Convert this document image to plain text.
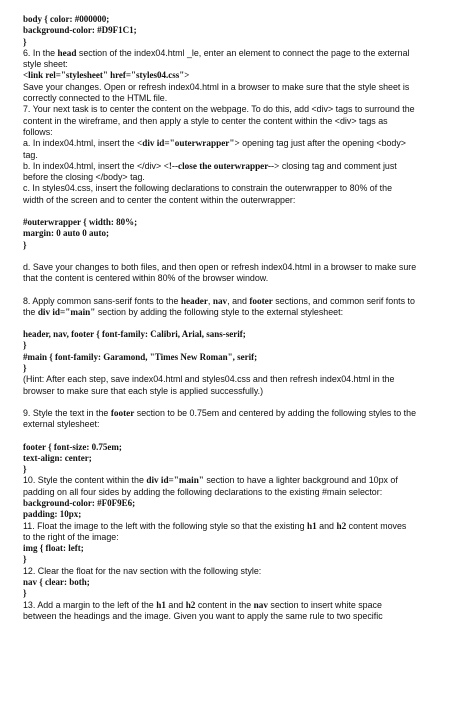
body { color: #000000;
background-color: #D9F1C1;
}
6. In the head section of the index04.html _le, enter an element to connect the page to the external
style sheet:
<link rel="stylesheet" href="styles04.css">
Save your changes. Open or refresh index04.html in a browser to make sure that the style sheet is
correctly connected to the HTML file.
7. Your next task is to center the content on the webpage. To do this, add <div> tags to surround the
content in the wireframe, and then apply a style to center the content within the <div> tags as
follows:
a. In index04.html, insert the <div id="outerwrapper"> opening tag just after the opening <body>
tag.
b. In index04.html, insert the </div> <!--close the outerwrapper--> closing tag and comment just
before the closing </body> tag.
c. In styles04.css, insert the following declarations to constrain the outerwrapper to 80% of the
width of the screen and to center the content within the outerwrapper:
#outerwrapper { width: 80%;
margin: 0 auto 0 auto;
}
d. Save your changes to both files, and then open or refresh index04.html in a browser to make sure
that the content is centered within 80% of the browser window.
8. Apply common sans-serif fonts to the header, nav, and footer sections, and common serif fonts to
the div id="main" section by adding the following style to the external stylesheet:
header, nav, footer { font-family: Calibri, Arial, sans-serif;
}
#main { font-family: Garamond, "Times New Roman", serif;
}
(Hint: After each step, save index04.html and styles04.css and then refresh index04.html in the
browser to make sure that each style is applied successfully.)
9. Style the text in the footer section to be 0.75em and centered by adding the following styles to the
external stylesheet:
footer { font-size: 0.75em;
text-align: center;
}
10. Style the content within the div id="main" section to have a lighter background and 10px of
padding on all four sides by adding the following declarations to the existing #main selector:
background-color: #F0F9E6;
padding: 10px;
11. Float the image to the left with the following style so that the existing h1 and h2 content moves
to the right of the image:
img { float: left;
}
12. Clear the float for the nav section with the following style:
nav { clear: both;
}
13. Add a margin to the left of the h1 and h2 content in the nav section to insert white space
between the headings and the image. Given you want to apply the same rule to two specific
